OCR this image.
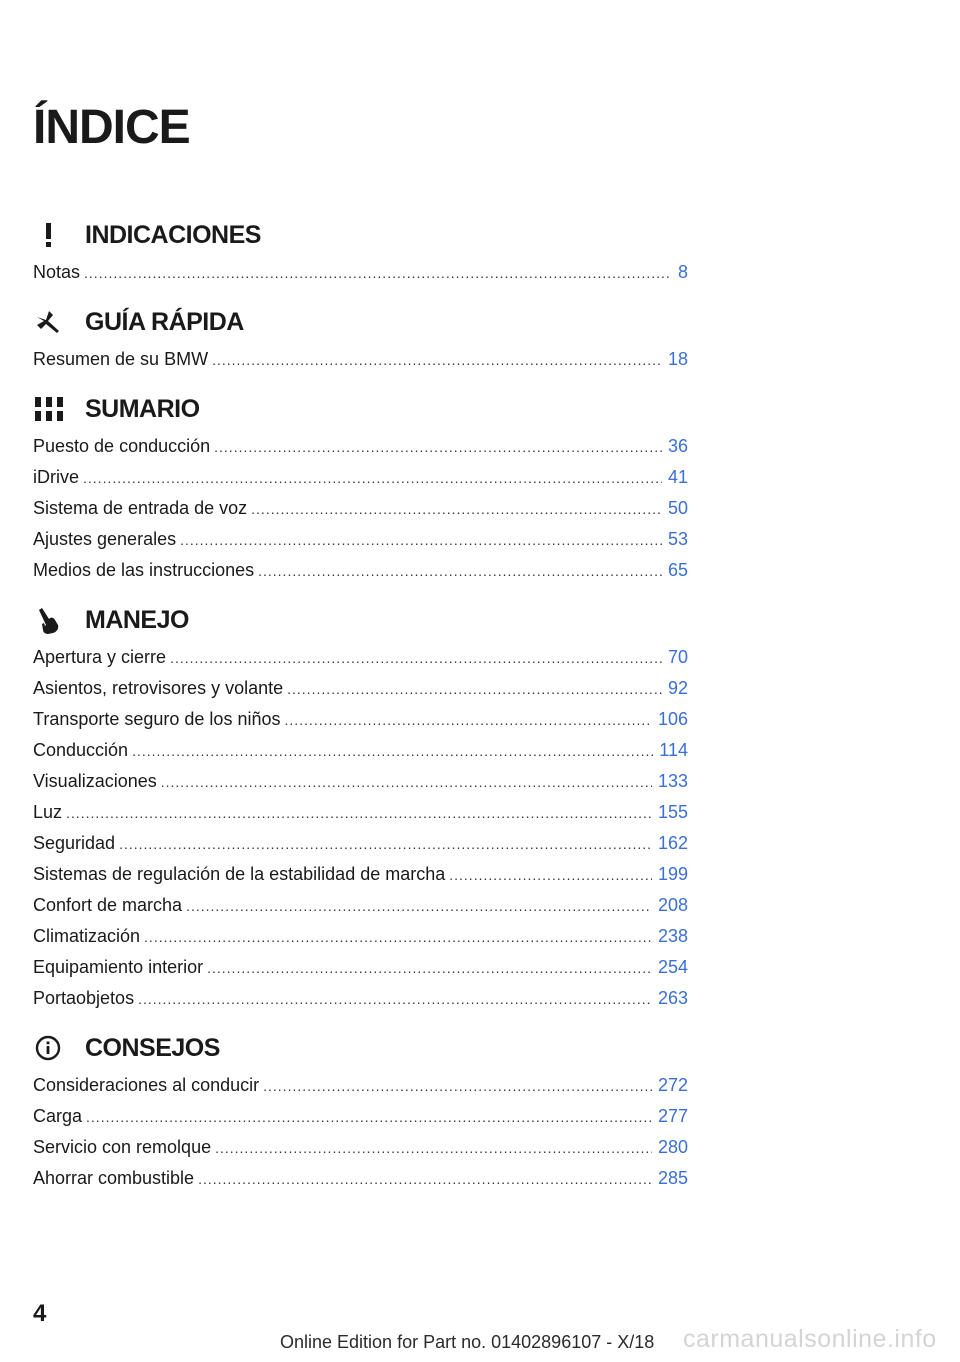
ÍNDICE
INDICACIONES
Notas .....	8
GUÍA RÁPIDA
Resumen de su BMW .....	18
SUMARIO
Puesto de conducción .....	36
iDrive .....	41
Sistema de entrada de voz .....	50
Ajustes generales .....	53
Medios de las instrucciones .....	65
MANEJO
Apertura y cierre .....	70
Asientos, retrovisores y volante .....	92
Transporte seguro de los niños .....	106
Conducción .....	114
Visualizaciones .....	133
Luz .....	155
Seguridad .....	162
Sistemas de regulación de la estabilidad de marcha .....	199
Confort de marcha .....	208
Climatización .....	238
Equipamiento interior .....	254
Portaobjetos .....	263
CONSEJOS
Consideraciones al conducir .....	272
Carga .....	277
Servicio con remolque .....	280
Ahorrar combustible .....	285
4
Online Edition for Part no. 01402896107 - X/18 carmanualsonline.info
